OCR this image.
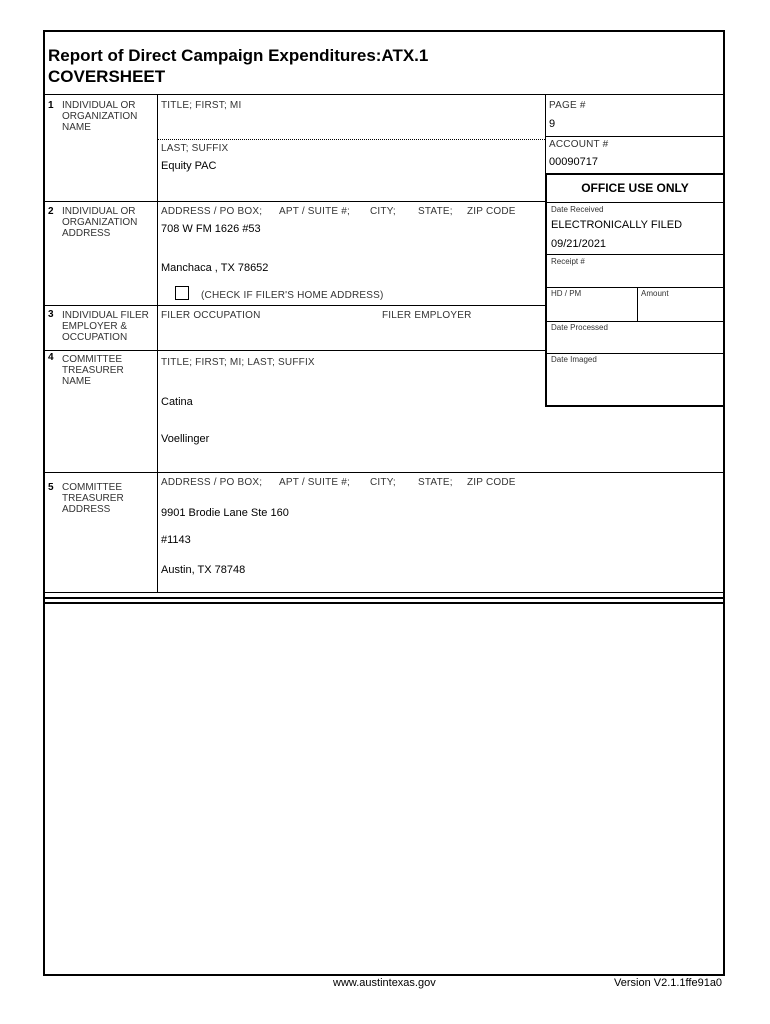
Report of Direct Campaign Expenditures:ATX.1
COVERSHEET
1 INDIVIDUAL OR ORGANIZATION NAME
TITLE; FIRST; MI
LAST; SUFFIX
Equity PAC
PAGE #
9
ACCOUNT #
00090717
OFFICE USE ONLY
Date Received
ELECTRONICALLY FILED
09/21/2021
Receipt #
HD / PM	Amount
Date Processed
Date Imaged
2 INDIVIDUAL OR ORGANIZATION ADDRESS
ADDRESS / PO BOX; APT / SUITE #; CITY; STATE; ZIP CODE
708 W FM 1626 #53
Manchaca , TX 78652
(CHECK IF FILER'S HOME ADDRESS)
3 INDIVIDUAL FILER EMPLOYER & OCCUPATION
FILER OCCUPATION	FILER EMPLOYER
4 COMMITTEE TREASURER NAME
TITLE; FIRST; MI; LAST; SUFFIX
Catina
Voellinger
5 COMMITTEE TREASURER ADDRESS
ADDRESS / PO BOX; APT / SUITE #; CITY; STATE; ZIP CODE
9901 Brodie Lane Ste 160
#1143
Austin, TX 78748
www.austintexas.gov	Version V2.1.1ffe91a0
